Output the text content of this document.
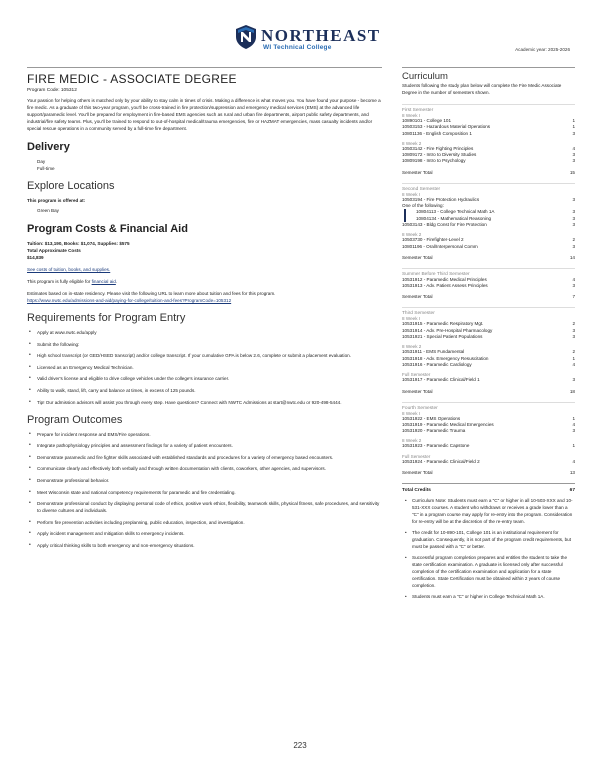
NORTHEAST
WI Technical College	Academic year: 2025-2026
FIRE MEDIC - ASSOCIATE DEGREE
Program Code: 105312

Your passion for helping others is matched only by your ability to stay calm in times of crisis. Making a difference is what moves you. You have found your purpose - become a fire medic. As a graduate of this two-year program, you'll be cross-trained in fire protection/suppression and emergency medical services (EMS) at the advanced life support/paramedic level. You'll be prepared for employment in fire-based EMS agencies such as rural and urban fire departments, airport public safety departments, and industrial/fire safety teams. Plus, you'll be trained to respond to out-of-hospital medical/trauma emergencies, fire or HAZMAT emergencies, mass casualty incidents and/or special rescue operations in a community served by a full-time fire department.

Delivery
Day
Full-time
Explore Locations
This program is offered at:
Green Bay
Program Costs & Financial Aid
Tuition: $13,190, Books: $1,074, Supplies: $575
Total Approximate Costs
$14,839
See costs of tuition, books, and supplies.
This program is fully eligible for financial aid.

Estimates based on in-state residency. Please visit the following URL to learn more about tuition and fees for this program.

https://www.nwtc.edu/admissions-and-aid/paying-for-college/tuition-and-fees?ProgramCode=105312
Requirements for Program Entry
• Apply at www.nwtc.edu/apply
• Submit the following:
• High school transcript (or GED/HSED transcript) and/or college transcript. If your cumulative GPA is below 2.6, complete or submit a placement evaluation.
• Licensed as an Emergency Medical Technician.
• Valid driver's license and eligible to drive college vehicles under the college's insurance carrier.
• Ability to walk, stand, lift, carry and balance at times, in excess of 125 pounds.
• Tip! Our admission advisors will assist you through every step. Have questions? Connect with NWTC Admissions at start@nwtc.edu or 920-498-5444.
Program Outcomes
• Prepare for incident response and EMS/Fire operations.
• Integrate pathophysiology principles and assessment findings for a variety of patient encounters.
• Demonstrate paramedic and fire fighter skills associated with established standards and procedures for a variety of emergency based encounters.
• Communicate clearly and effectively both verbally and through written documentation with clients, coworkers, other agencies, and supervisors.
• Demonstrate professional behavior.
• Meet Wisconsin state and national competency requirements for paramedic and fire credentialing.
• Demonstrate professional conduct by displaying personal code of ethics, positive work ethics, flexibility, teamwork skills, physical fitness, safe procedures, and sensitivity to diverse cultures and individuals.
• Perform fire prevention activities including preplanning, public education, inspection, and investigation.
• Apply incident management and mitigation skills to emergency incidents.
• Apply critical thinking skills to both emergency and non-emergency situations.
Curriculum
Students following the study plan below will complete the Fire Medic Associate Degree in the number of semesters shown.
First Semester
8 Week I
10890101 - College 101	1
10503153 - Hazardous Material Operations	1
10801136 - English Composition 1	3
8 Week 2
10503142 - Fire Fighting Principles	4
10809172 - Intro to Diversity Studies	3
10809198 - Intro to Psychology	3
Semester Total	15
Second Semester
8 Week I
10503194 - Fire Protection Hydraulics	3
One of the following:
10804113 - College Technical Math 1A	3
10804134 - Mathematical Reasoning	3
10503143 - Bldg Const for Fire Protection	3
8 Week 2
10503730 - Firefighter-Level 2	2
10801196 - Oral/Interpersonal Comm	3
Semester Total	14
Summer Before Third Semester
10531912 - Paramedic Medical Principles	4
10531913 - Adv. Patient Assess Principles	3
Semester Total	7
Third Semester
8 Week I
10531915 - Paramedic Respiratory Mgt.	2
10531914 - Adv. Pre-Hospital Pharmacology	3
10531921 - Special Patient Populations	3
8 Week 2
10531911 - EMS Fundamental	2
10531918 - Adv. Emergency Resuscitation	1
10531916 - Paramedic Cardiology	4
Full Semester
10531917 - Paramedic Clinical/Field 1	3
Semester Total	18
Fourth Semester
8 Week I
10531922 - EMS Operations	1
10531919 - Paramedic Medical Emergencies	4
10531920 - Paramedic Trauma	3
8 Week 2
10531923 - Paramedic Capstone	1
Full Semester
10531924 - Paramedic Clinical/Field 2	4
Semester Total	13
Total Credits	67
• Curriculum Note: Students must earn a "C" or higher in all 10-503-XXX and 10-531-XXX courses. A student who withdraws or receives a grade lower than a "C" in a program course may apply for re-entry into the program. Consideration for re-entry will be at the discretion of the re-entry team.
• The credit for 10-890-101, College 101 is an institutional requirement for graduation. Consequently, it is not part of the program credit requirements, but must be passed with a "C" or better.
• Successful program completion prepares and entitles the student to take the state certification examination. A graduate is licensed only after successful completion of the certification examination and application for a state certification. State Certification must be obtained within 2 years of course completion.
• Students must earn a "C" or higher in College Technical Math 1A.
223
